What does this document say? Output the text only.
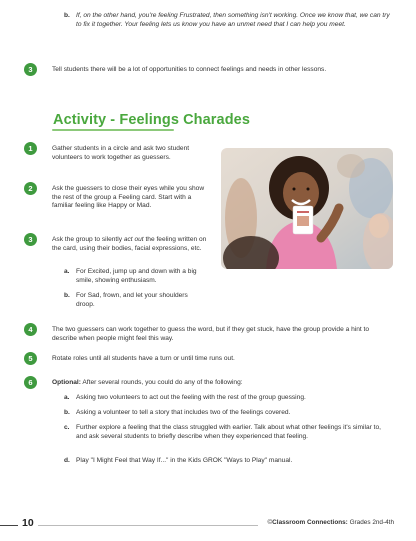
b. If, on the other hand, you're feeling Frustrated, then something isn't working. Once we know that, we can try to fix it together. Your feeling lets us know you have an unmet need that I can help you meet.
3	Tell students there will be a lot of opportunities to connect feelings and needs in other lessons.
Activity - Feelings Charades
1	Gather students in a circle and ask two student volunteers to work together as guessers.
2	Ask the guessers to close their eyes while you show the rest of the group a Feeling card. Start with a familiar feeling like Happy or Mad.
3	Ask the group to silently act out the feeling written on the card, using their bodies, facial expressions, etc.
a. For Excited, jump up and down with a big smile, showing enthusiasm.
b. For Sad, frown, and let your shoulders droop.
4	The two guessers can work together to guess the word, but if they get stuck, have the group provide a hint to describe when people might feel this way.
5	Rotate roles until all students have a turn or until time runs out.
6	Optional: After several rounds, you could do any of the following:
a. Asking two volunteers to act out the feeling with the rest of the group guessing.
b. Asking a volunteer to tell a story that includes two of the feelings covered.
c. Further explore a feeling that the class struggled with earlier. Talk about what other feelings it's similar to, and ask several students to briefly describe when they experienced that feeling.
d. Play "I Might Feel that Way If..." in the Kids GROK "Ways to Play" manual.
10	©Classroom Connections: Grades 2nd-4th
